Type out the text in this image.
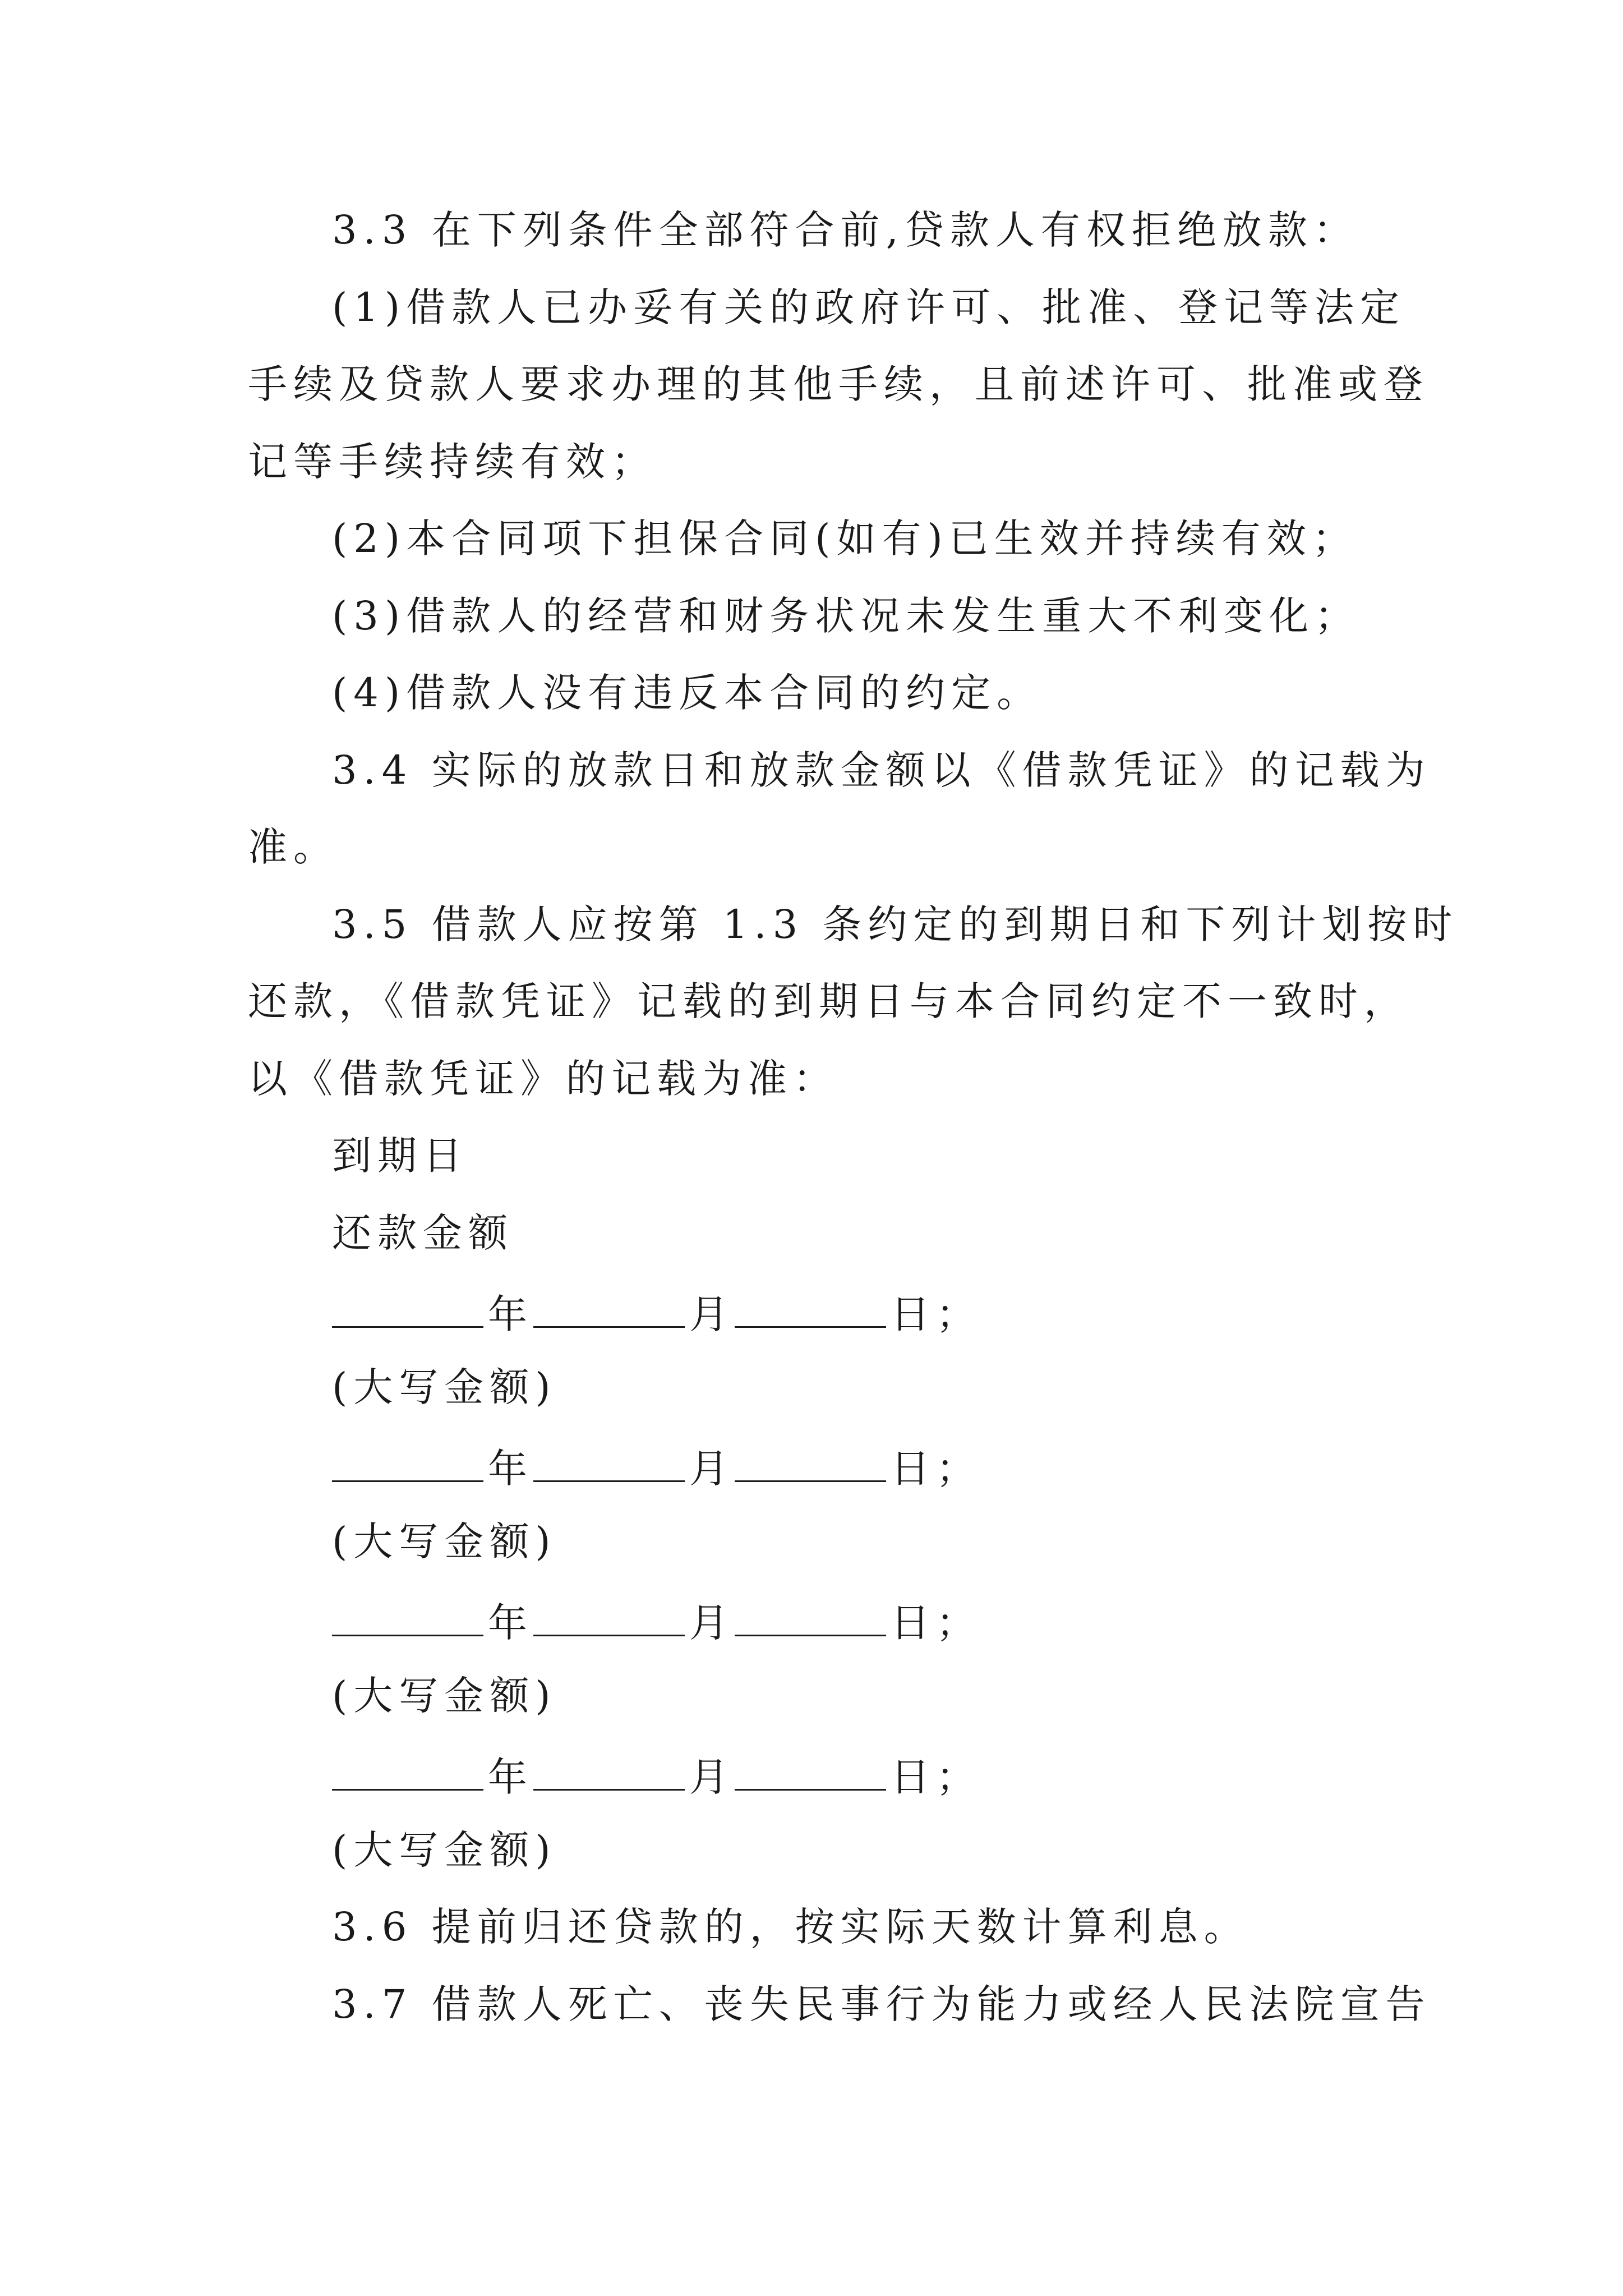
3.3 在下列条件全部符合前,贷款人有权拒绝放款：
(1)借款人已办妥有关的政府许可、批准、登记等法定
手续及贷款人要求办理的其他手续，且前述许可、批准或登
记等手续持续有效；
(2)本合同项下担保合同(如有)已生效并持续有效；
(3)借款人的经营和财务状况未发生重大不利变化；
(4)借款人没有违反本合同的约定。
3.4 实际的放款日和放款金额以《借款凭证》的记载为
准。
3.5 借款人应按第 1.3 条约定的到期日和下列计划按时
还款，《借款凭证》记载的到期日与本合同约定不一致时，
以《借款凭证》的记载为准：
到期日
还款金额
年	月	日；
(大写金额)
年	月	日；
(大写金额)
年	月	日；
(大写金额)
年	月	日；
(大写金额)
3.6 提前归还贷款的，按实际天数计算利息。
3.7 借款人死亡、丧失民事行为能力或经人民法院宣告
